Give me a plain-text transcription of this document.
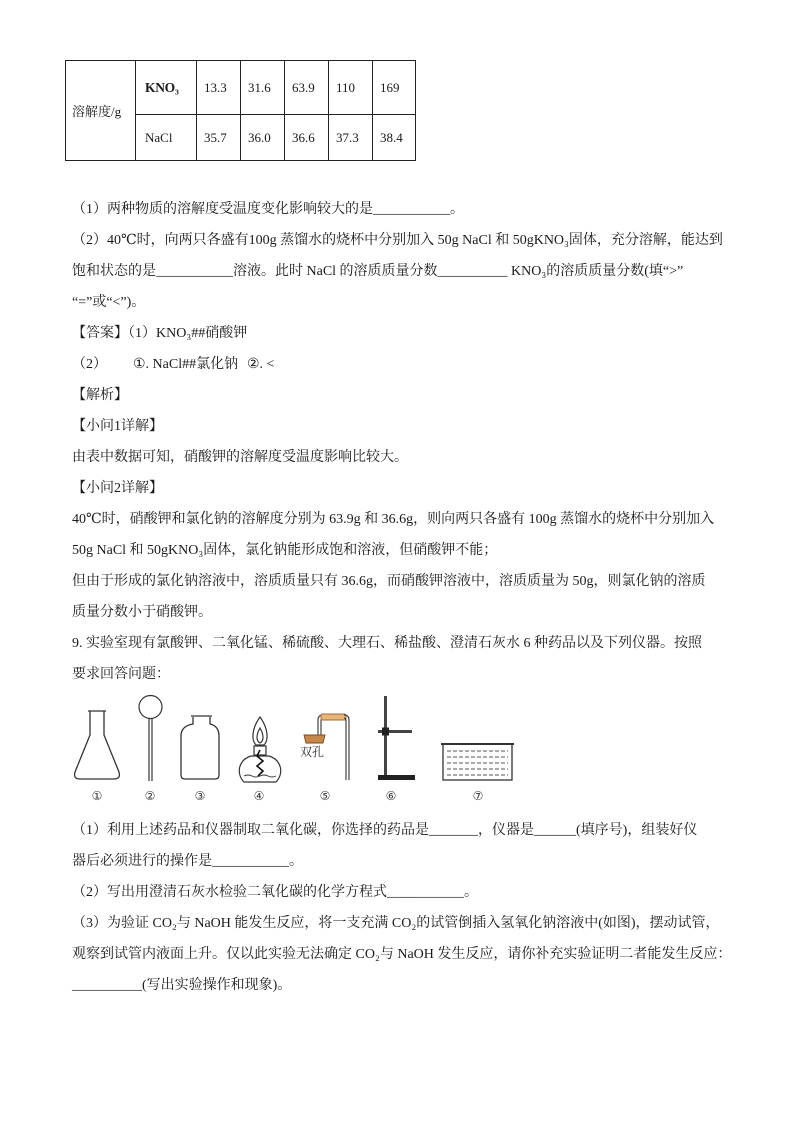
溶解度/g	KNO₃	13.3	31.6	63.9	110	169
	NaCl	35.7	36.0	36.6	37.3	38.4
（1）两种物质的溶解度受温度变化影响较大的是___________。
（2）40℃时，向两只各盛有100g 蒸馏水的烧杯中分别加入 50g NaCl 和 50gKNO₃固体，充分溶解，能达到
饱和状态的是___________溶液。此时 NaCl 的溶质质量分数__________ KNO₃的溶质质量分数(填“>”
“=”或“<”)。
【答案】（1）KNO₃##硝酸钾
（2） ①. NaCl##氯化钠 ②. <
【解析】
【小问1详解】
由表中数据可知，硝酸钾的溶解度受温度影响比较大。
【小问2详解】
40℃时，硝酸钾和氯化钠的溶解度分别为 63.9g 和 36.6g，则向两只各盛有 100g 蒸馏水的烧杯中分别加入
50g NaCl 和 50gKNO₃固体，氯化钠能形成饱和溶液，但硝酸钾不能；
但由于形成的氯化钠溶液中，溶质质量只有 36.6g，而硝酸钾溶液中，溶质质量为 50g，则氯化钠的溶质
质量分数小于硝酸钾。
9. 实验室现有氯酸钾、二氧化锰、稀硫酸、大理石、稀盐酸、澄清石灰水 6 种药品以及下列仪器。按照
要求回答问题：
双孔
①	②	③	④	⑤	⑥	⑦
（1）利用上述药品和仪器制取二氧化碳，你选择的药品是_______，仪器是______(填序号)，组装好仪
器后必须进行的操作是___________。
（2）写出用澄清石灰水检验二氧化碳的化学方程式___________。
（3）为验证 CO₂与 NaOH 能发生反应，将一支充满 CO₂的试管倒插入氢氧化钠溶液中(如图)，摆动试管，
观察到试管内液面上升。仅以此实验无法确定 CO₂与 NaOH 发生反应，请你补充实验证明二者能发生反应：
__________(写出实验操作和现象)。
